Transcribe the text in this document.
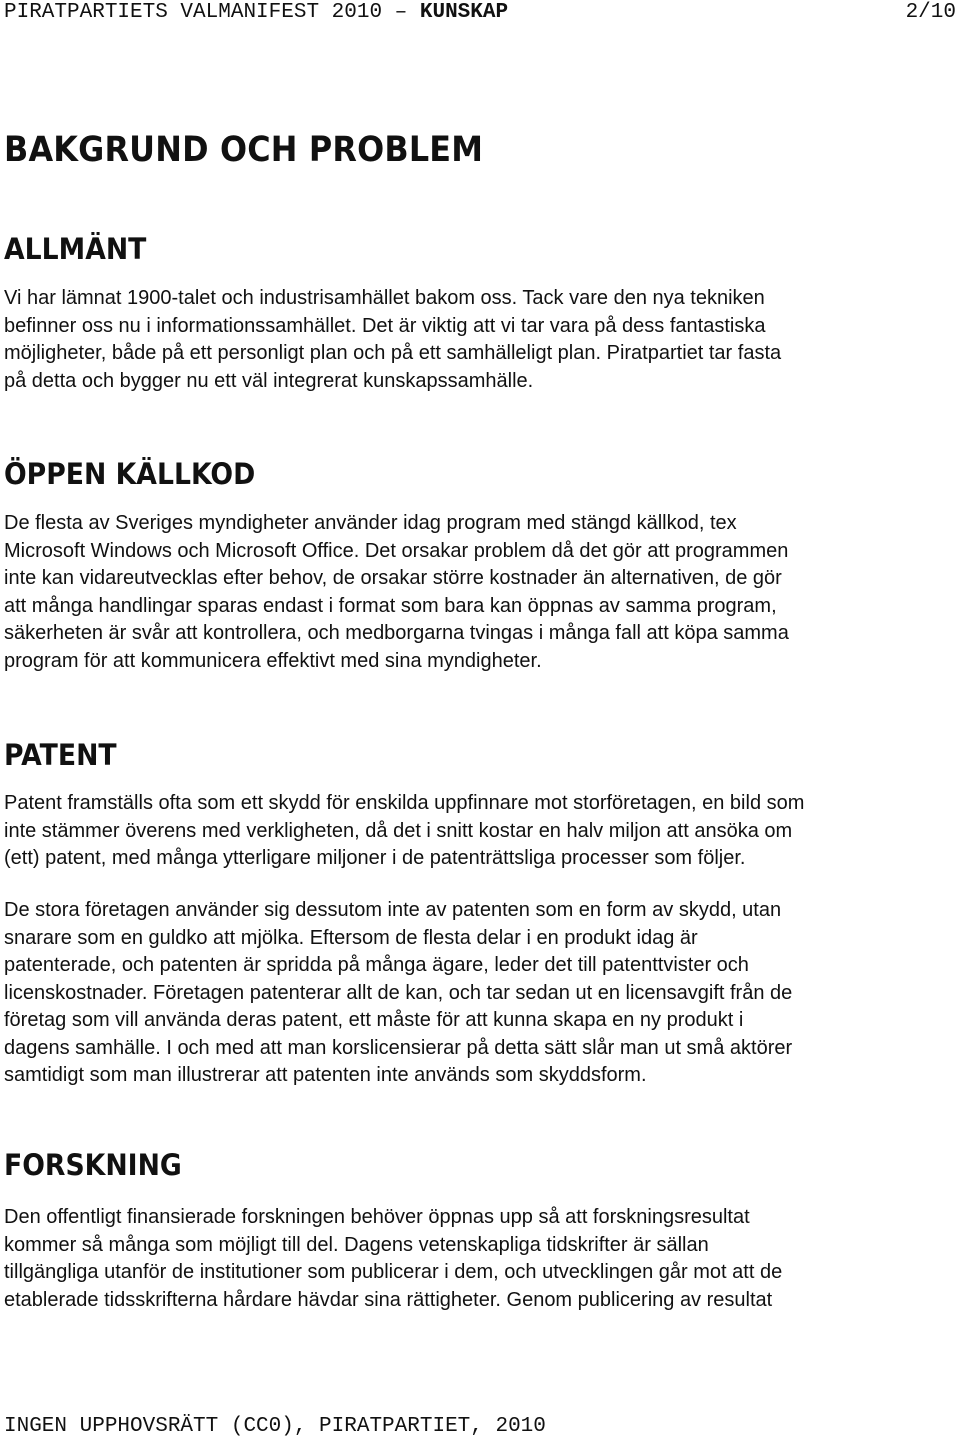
PIRATPARTIETS VALMANIFEST 2010 – KUNSKAP	2/10
BAKGRUND OCH PROBLEM
ALLMÄNT
Vi har lämnat 1900-talet och industrisamhället bakom oss. Tack vare den nya tekniken
befinner oss nu i informationssamhället. Det är viktig att vi tar vara på dess fantastiska
möjligheter, både på ett personligt plan och på ett samhälleligt plan. Piratpartiet tar fasta
på detta och bygger nu ett väl integrerat kunskapssamhälle.
ÖPPEN KÄLLKOD
De flesta av Sveriges myndigheter använder idag program med stängd källkod, tex
Microsoft Windows och Microsoft Office. Det orsakar problem då det gör att programmen
inte kan vidareutvecklas efter behov, de orsakar större kostnader än alternativen, de gör
att många handlingar sparas endast i format som bara kan öppnas av samma program,
säkerheten är svår att kontrollera, och medborgarna tvingas i många fall att köpa samma
program för att kommunicera effektivt med sina myndigheter.
PATENT
Patent framställs ofta som ett skydd för enskilda uppfinnare mot storföretagen, en bild som
inte stämmer överens med verkligheten, då det i snitt kostar en halv miljon att ansöka om
(ett) patent, med många ytterligare miljoner i de patenträttsliga processer som följer.
De stora företagen använder sig dessutom inte av patenten som en form av skydd, utan
snarare som en guldko att mjölka. Eftersom de flesta delar i en produkt idag är
patenterade, och patenten är spridda på många ägare, leder det till patenttvister och
licenskostnader. Företagen patenterar allt de kan, och tar sedan ut en licensavgift från de
företag som vill använda deras patent, ett måste för att kunna skapa en ny produkt i
dagens samhälle. I och med att man korslicensierar på detta sätt slår man ut små aktörer
samtidigt som man illustrerar att patenten inte används som skyddsform.
FORSKNING
Den offentligt finansierade forskningen behöver öppnas upp så att forskningsresultat
kommer så många som möjligt till del. Dagens vetenskapliga tidskrifter är sällan
tillgängliga utanför de institutioner som publicerar i dem, och utvecklingen går mot att de
etablerade tidsskrifterna hårdare hävdar sina rättigheter. Genom publicering av resultat
INGEN UPPHOVSRÄTT (CC0), PIRATPARTIET, 2010
